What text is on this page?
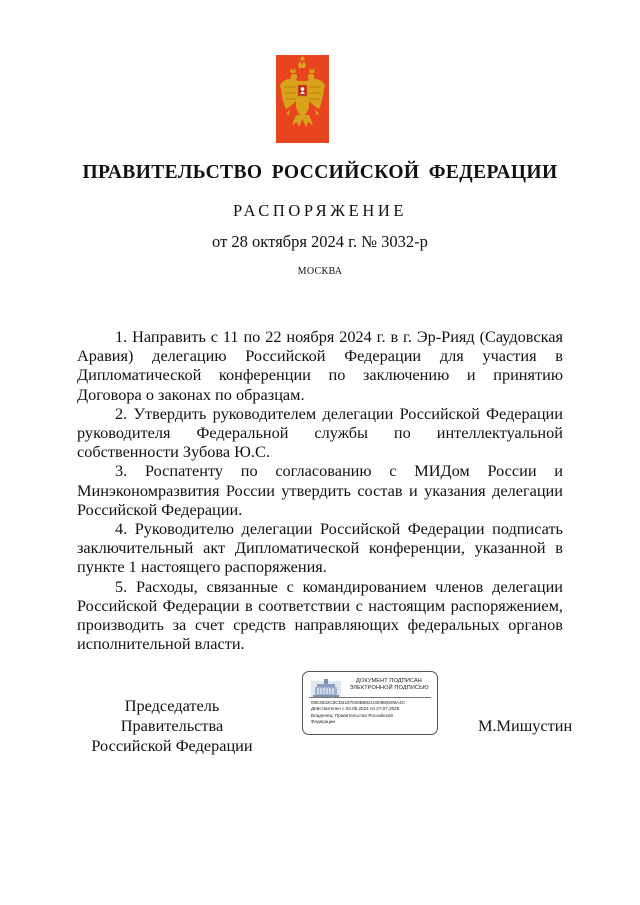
ПРАВИТЕЛЬСТВО РОССИЙСКОЙ ФЕДЕРАЦИИ
РАСПОРЯЖЕНИЕ
от 28 октября 2024 г. № 3032-р
МОСКВА

1. Направить с 11 по 22 ноября 2024 г. в г. Эр-Рияд (Саудовская Аравия) делегацию Российской Федерации для участия в Дипломатической конференции по заключению и принятию Договора о законах по образцам.

2. Утвердить руководителем делегации Российской Федерации руководителя Федеральной службы по интеллектуальной собственности Зубова Ю.С.

3. Роспатенту по согласованию с МИДом России и Минэкономразвития России утвердить состав и указания делегации Российской Федерации.

4. Руководителю делегации Российской Федерации подписать заключительный акт Дипломатической конференции, указанной в пункте 1 настоящего распоряжения.

5. Расходы, связанные с командированием членов делегации Российской Федерации в соответствии с настоящим распоряжением, производить за счет средств направляющих федеральных органов исполнительной власти.

Председатель Правительства
Российской Федерации
ДОКУМЕНТ ПОДПИСАН
ЭЛЕКТРОННОЙ ПОДПИСЬЮ
00E3632C6CD2197040B8921030989209A4C
Действителен с 03.05.2024 по 27.07.2025
Владелец: Правительство Российской
Федерации	М.Мишустин
